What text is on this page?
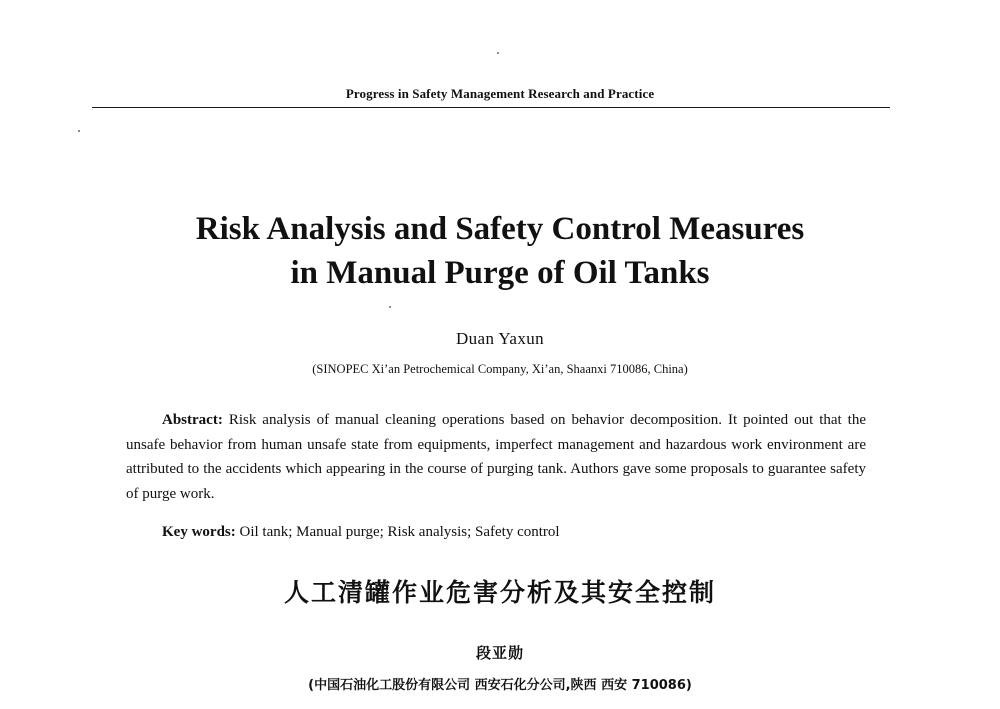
Progress in Safety Management Research and Practice
Risk Analysis and Safety Control Measures
in Manual Purge of Oil Tanks
Duan Yaxun
(SINOPEC Xi’an Petrochemical Company, Xi’an, Shaanxi 710086, China)

Abstract: Risk analysis of manual cleaning operations based on behavior decomposition. It pointed out that the unsafe behavior from human unsafe state from equipments, imperfect management and hazardous work environment are attributed to the accidents which appearing in the course of purging tank. Authors gave some proposals to guarantee safety of purge work.

Key words: Oil tank; Manual purge; Risk analysis; Safety control

人工清罐作业危害分析及其安全控制
段亚勋
(中国石油化工股份有限公司 西安石化分公司,陕西 西安 710086)
